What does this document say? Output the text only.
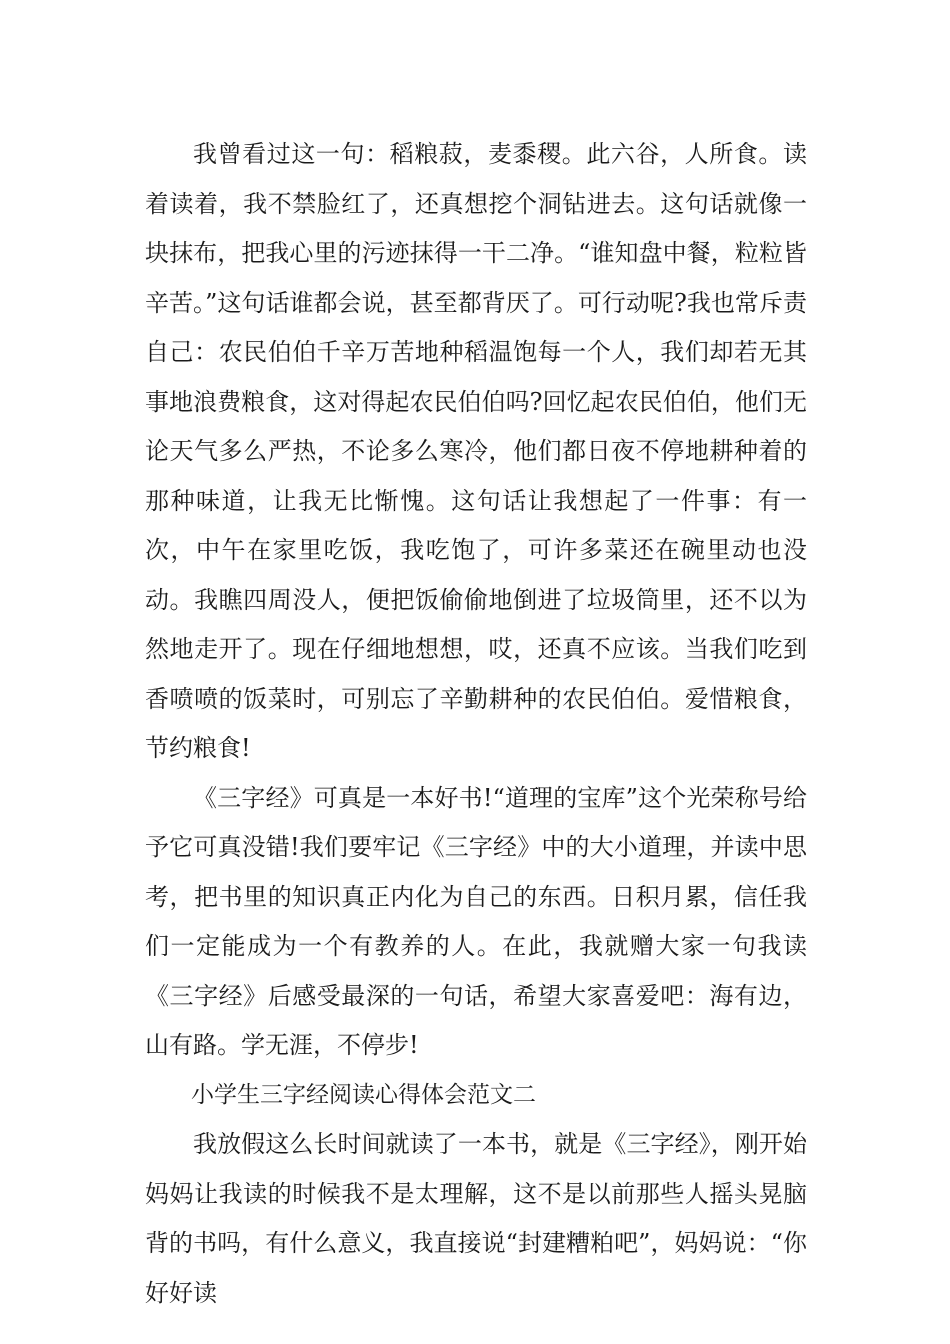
我曾看过这一句：稻粮菽，麦黍稷。此六谷，人所食。读着读着，我不禁脸红了，还真想挖个洞钻进去。这句话就像一块抹布，把我心里的污迹抹得一干二净。“谁知盘中餐，粒粒皆辛苦。”这句话谁都会说，甚至都背厌了。可行动呢?我也常斥责自己：农民伯伯千辛万苦地种稻温饱每一个人，我们却若无其事地浪费粮食，这对得起农民伯伯吗?回忆起农民伯伯，他们无论天气多么严热，不论多么寒冷，他们都日夜不停地耕种着的那种味道，让我无比惭愧。这句话让我想起了一件事：有一次，中午在家里吃饭，我吃饱了，可许多菜还在碗里动也没动。我瞧四周没人，便把饭偷偷地倒进了垃圾筒里，还不以为然地走开了。现在仔细地想想，哎，还真不应该。当我们吃到香喷喷的饭菜时，可别忘了辛勤耕种的农民伯伯。爱惜粮食，节约粮食!

《三字经》可真是一本好书!“道理的宝库”这个光荣称号给予它可真没错!我们要牢记《三字经》中的大小道理，并读中思考，把书里的知识真正内化为自己的东西。日积月累，信任我们一定能成为一个有教养的人。在此，我就赠大家一句我读《三字经》后感受最深的一句话，希望大家喜爱吧：海有边，山有路。学无涯，不停步!

小学生三字经阅读心得体会范文二

我放假这么长时间就读了一本书，就是《三字经》，刚开始妈妈让我读的时候我不是太理解，这不是以前那些人摇头晃脑背的书吗，有什么意义，我直接说“封建糟粕吧”，妈妈说：“你好好读
